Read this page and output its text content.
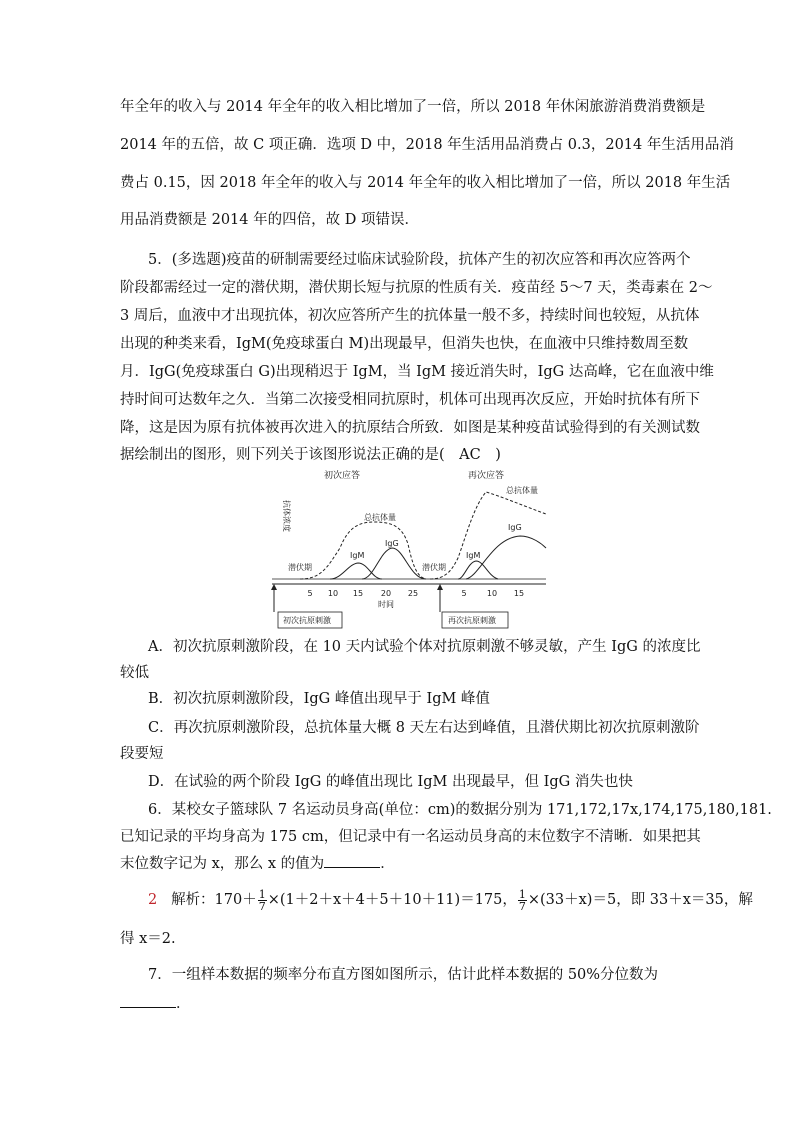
年全年的收入与 2014 年全年的收入相比增加了一倍，所以 2018 年休闲旅游消费消费额是
2014 年的五倍，故 C 项正确．选项 D 中，2018 年生活用品消费占 0.3，2014 年生活用品消
费占 0.15，因 2018 年全年的收入与 2014 年全年的收入相比增加了一倍，所以 2018 年生活
用品消费额是 2014 年的四倍，故 D 项错误．
5．(多选题)疫苗的研制需要经过临床试验阶段，抗体产生的初次应答和再次应答两个
阶段都需经过一定的潜伏期，潜伏期长短与抗原的性质有关．疫苗经 5～7 天，类毒素在 2～
3 周后，血液中才出现抗体，初次应答所产生的抗体量一般不多，持续时间也较短，从抗体
出现的种类来看，IgM(免疫球蛋白 M)出现最早，但消失也快，在血液中只维持数周至数
月．IgG(免疫球蛋白 G)出现稍迟于 IgM，当 IgM 接近消失时，IgG 达高峰，它在血液中维
持时间可达数年之久．当第二次接受相同抗原时，机体可出现再次反应，开始时抗体有所下
降，这是因为原有抗体被再次进入的抗原结合所致．如图是某种疫苗试验得到的有关测试数
据绘制出的图形，则下列关于该图形说法正确的是(　AC　)
抗体浓度
初次应答	再次应答
5 10 15 20 25	5	10 15
时间
潜伏期	潜伏期
总抗体量
IgM
IgG
总抗体量
IgM
IgG
初次抗原刺激	再次抗原刺激
A．初次抗原刺激阶段，在 10 天内试验个体对抗原刺激不够灵敏，产生 IgG 的浓度比
较低
B．初次抗原刺激阶段，IgG 峰值出现早于 IgM 峰值
C．再次抗原刺激阶段，总抗体量大概 8 天左右达到峰值，且潜伏期比初次抗原刺激阶
段要短
D．在试验的两个阶段 IgG 的峰值出现比 IgM 出现最早，但 IgG 消失也快
6．某校女子篮球队 7 名运动员身高(单位：cm)的数据分别为 171,172,17x,174,175,180,181.
已知记录的平均身高为 175 cm，但记录中有一名运动员身高的末位数字不清晰．如果把其
末位数字记为 x，那么 x 的值为	．
2 解析：$170+ \frac{1}{7} \times(1+2+x+4+5+10+11)=175$， $\frac{1}{7} \times(33+x)=5$，即 33＋x＝35，解
得 x＝2.
7．一组样本数据的频率分布直方图如图所示，估计此样本数据的 50%分位数为
．
